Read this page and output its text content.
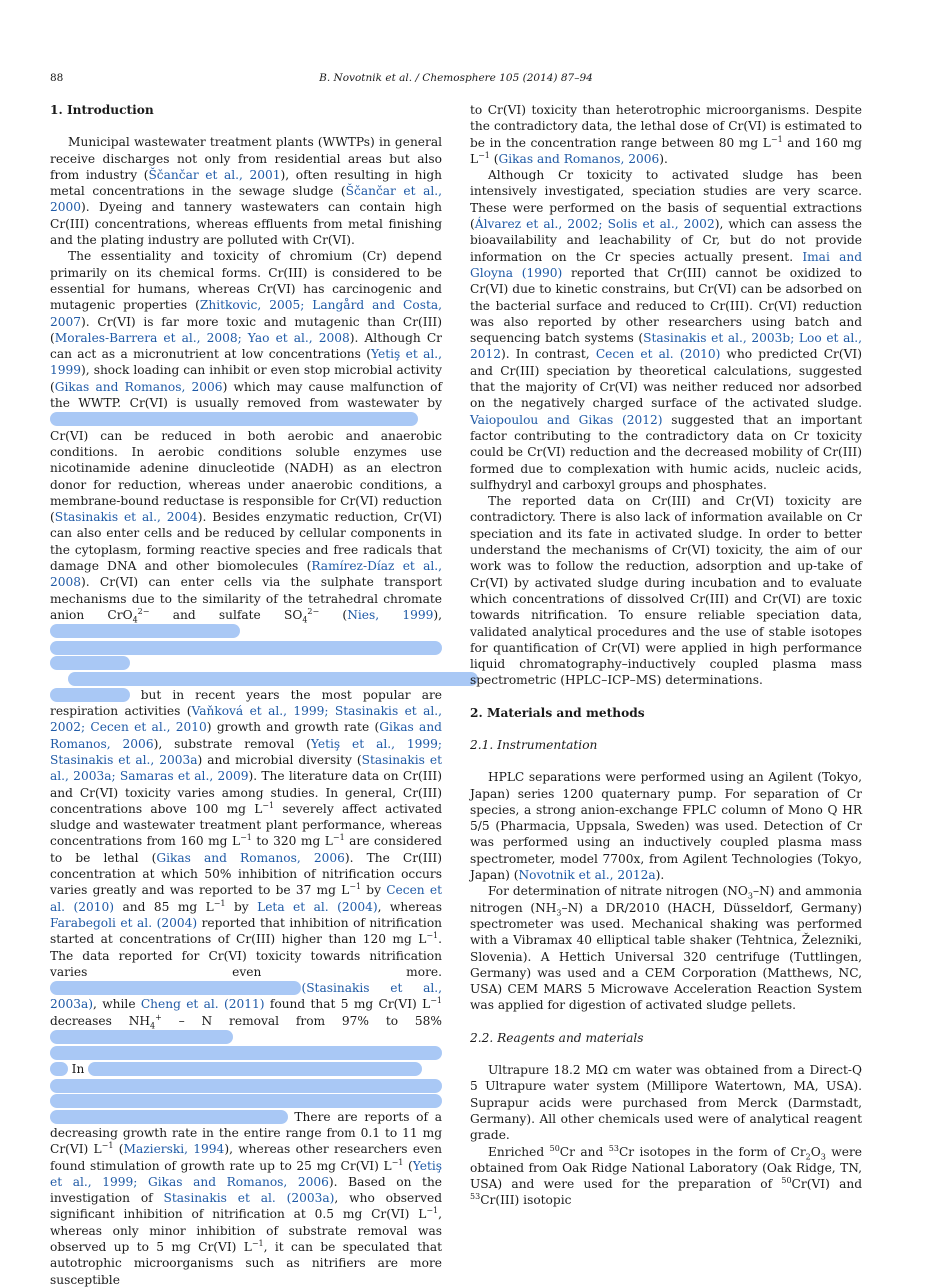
88	B. Novotnik et al. / Chemosphere 105 (2014) 87–94
1. Introduction

Municipal wastewater treatment plants (WWTPs) in general receive discharges not only from residential areas but also from industry (Ščančar et al., 2001), often resulting in high metal concentrations in the sewage sludge (Ščančar et al., 2000). Dyeing and tannery wastewaters can contain high Cr(III) concentrations, whereas effluents from metal finishing and the plating industry are polluted with Cr(VI).

The essentiality and toxicity of chromium (Cr) depend primarily on its chemical forms. Cr(III) is considered to be essential for humans, whereas Cr(VI) has carcinogenic and mutagenic properties (Zhitkovic, 2005; Langård and Costa, 2007). Cr(VI) is far more toxic and mutagenic than Cr(III) (Morales-Barrera et al., 2008; Yao et al., 2008). Although Cr can act as a micronutrient at low concentrations (Yetiş et al., 1999), shock loading can inhibit or even stop microbial activity (Gikas and Romanos, 2006) which may cause malfunction of the WWTP. Cr(VI) is usually removed from wastewater by Cr(VI) can be reduced in both aerobic and anaerobic conditions. In aerobic conditions soluble enzymes use nicotinamide adenine dinucleotide (NADH) as an electron donor for reduction, whereas under anaerobic conditions, a membrane-bound reductase is responsible for Cr(VI) reduction (Stasinakis et al., 2004). Besides enzymatic reduction, Cr(VI) can also enter cells and be reduced by cellular components in the cytoplasm, forming reactive species and free radicals that damage DNA and other biomolecules (Ramírez-Díaz et al., 2008). Cr(VI) can enter cells via the sulphate transport mechanisms due to the similarity of the tetrahedral chromate anion CrO$_4^{2-}$ and sulfate $SO_4^{2-}$ (Nies, 1999),

but in recent years the most popular are respiration activities (Vaňková et al., 1999; Stasinakis et al., 2002; Cecen et al., 2010) growth and growth rate (Gikas and Romanos, 2006), substrate removal (Yetiş et al., 1999; Stasinakis et al., 2003a) and microbial diversity (Stasinakis et al., 2003a; Samaras et al., 2009). The literature data on Cr(III) and Cr(VI) toxicity varies among studies. In general, Cr(III) concentrations above 100 mg $L^{-1}$ severely affect activated sludge and wastewater treatment plant performance, whereas concentrations from 160 mg $L^{-1}$ to 320 mg $L^{-1}$ are considered to be lethal (Gikas and Romanos, 2006). The Cr(III) concentration at which 50% inhibition of nitrification occurs varies greatly and was reported to be 37 mg $L^{-1}$ by Cecen et al. (2010) and 85 mg $L^{-1}$ by Leta et al. (2004), whereas Farabegoli et al. (2004) reported that inhibition of nitrification started at concentrations of Cr(III) higher than 120 mg $L^{-1}$. The data reported for Cr(VI) toxicity towards nitrification varies even more. (Stasinakis et al., 2003a), while Cheng et al. (2011) found that 5 mg Cr(VI) $L^{-1}$ decreases $NH_4^+$ – N removal from 97% to 58%

In

There are reports of a decreasing growth rate in the entire range from 0.1 to 11 mg Cr(VI) $L^{-1}$ (Mazierski, 1994), whereas other researchers even found stimulation of growth rate up to 25 mg Cr(VI) $L^{-1}$ (Yetiş et al., 1999; Gikas and Romanos, 2006). Based on the investigation of Stasinakis et al. (2003a), who observed significant inhibition of nitrification at 0.5 mg Cr(VI) $L^{-1}$, whereas only minor inhibition of substrate removal was observed up to 5 mg Cr(VI) $L^{-1}$, it can be speculated that autotrophic microorganisms such as nitrifiers are more susceptible

to Cr(VI) toxicity than heterotrophic microorganisms. Despite the contradictory data, the lethal dose of Cr(VI) is estimated to be in the concentration range between 80 mg $L^{-1}$ and 160 mg $L^{-1}$ (Gikas and Romanos, 2006).

Although Cr toxicity to activated sludge has been intensively investigated, speciation studies are very scarce. These were performed on the basis of sequential extractions (Álvarez et al., 2002; Solis et al., 2002), which can assess the bioavailability and leachability of Cr, but do not provide information on the Cr species actually present. Imai and Gloyna (1990) reported that Cr(III) cannot be oxidized to Cr(VI) due to kinetic constrains, but Cr(VI) can be adsorbed on the bacterial surface and reduced to Cr(III). Cr(VI) reduction was also reported by other researchers using batch and sequencing batch systems (Stasinakis et al., 2003b; Loo et al., 2012). In contrast, Cecen et al. (2010) who predicted Cr(VI) and Cr(III) speciation by theoretical calculations, suggested that the majority of Cr(VI) was neither reduced nor adsorbed on the negatively charged surface of the activated sludge. Vaiopoulou and Gikas (2012) suggested that an important factor contributing to the contradictory data on Cr toxicity could be Cr(VI) reduction and the decreased mobility of Cr(III) formed due to complexation with humic acids, nucleic acids, sulfhydryl and carboxyl groups and phosphates.

The reported data on Cr(III) and Cr(VI) toxicity are contradictory. There is also lack of information available on Cr speciation and its fate in activated sludge. In order to better understand the mechanisms of Cr(VI) toxicity, the aim of our work was to follow the reduction, adsorption and up-take of Cr(VI) by activated sludge during incubation and to evaluate which concentrations of dissolved Cr(III) and Cr(VI) are toxic towards nitrification. To ensure reliable speciation data, validated analytical procedures and the use of stable isotopes for quantification of Cr(VI) were applied in high performance liquid chromatography–inductively coupled plasma mass spectrometric (HPLC–ICP–MS) determinations.

2. Materials and methods
2.1. Instrumentation

HPLC separations were performed using an Agilent (Tokyo, Japan) series 1200 quaternary pump. For separation of Cr species, a strong anion-exchange FPLC column of Mono Q HR 5/5 (Pharmacia, Uppsala, Sweden) was used. Detection of Cr was performed using an inductively coupled plasma mass spectrometer, model 7700x, from Agilent Technologies (Tokyo, Japan) (Novotnik et al., 2012a).

For determination of nitrate nitrogen $(NO_3-N)$ and ammonia nitrogen $(NH_3-N)$ a DR/2010 (HACH, Düsseldorf, Germany) spectrometer was used. Mechanical shaking was performed with a Vibramax 40 elliptical table shaker (Tehtnica, Železniki, Slovenia). A Hettich Universal 320 centrifuge (Tuttlingen, Germany) was used and a CEM Corporation (Matthews, NC, USA) CEM MARS 5 Microwave Acceleration Reaction System was applied for digestion of activated sludge pellets.

2.2. Reagents and materials

Ultrapure 18.2 MΩ cm water was obtained from a Direct-Q 5 Ultrapure water system (Millipore Watertown, MA, USA). Suprapur acids were purchased from Merck (Darmstadt, Germany). All other chemicals used were of analytical reagent grade.

Enriched $^{50}$Cr and $^{53}$Cr isotopes in the form of $Cr_2O_3$ were obtained from Oak Ridge National Laboratory (Oak Ridge, TN, USA) and were used for the preparation of $^{50}$Cr(VI) and $^{53}$Cr(III) isotopic
